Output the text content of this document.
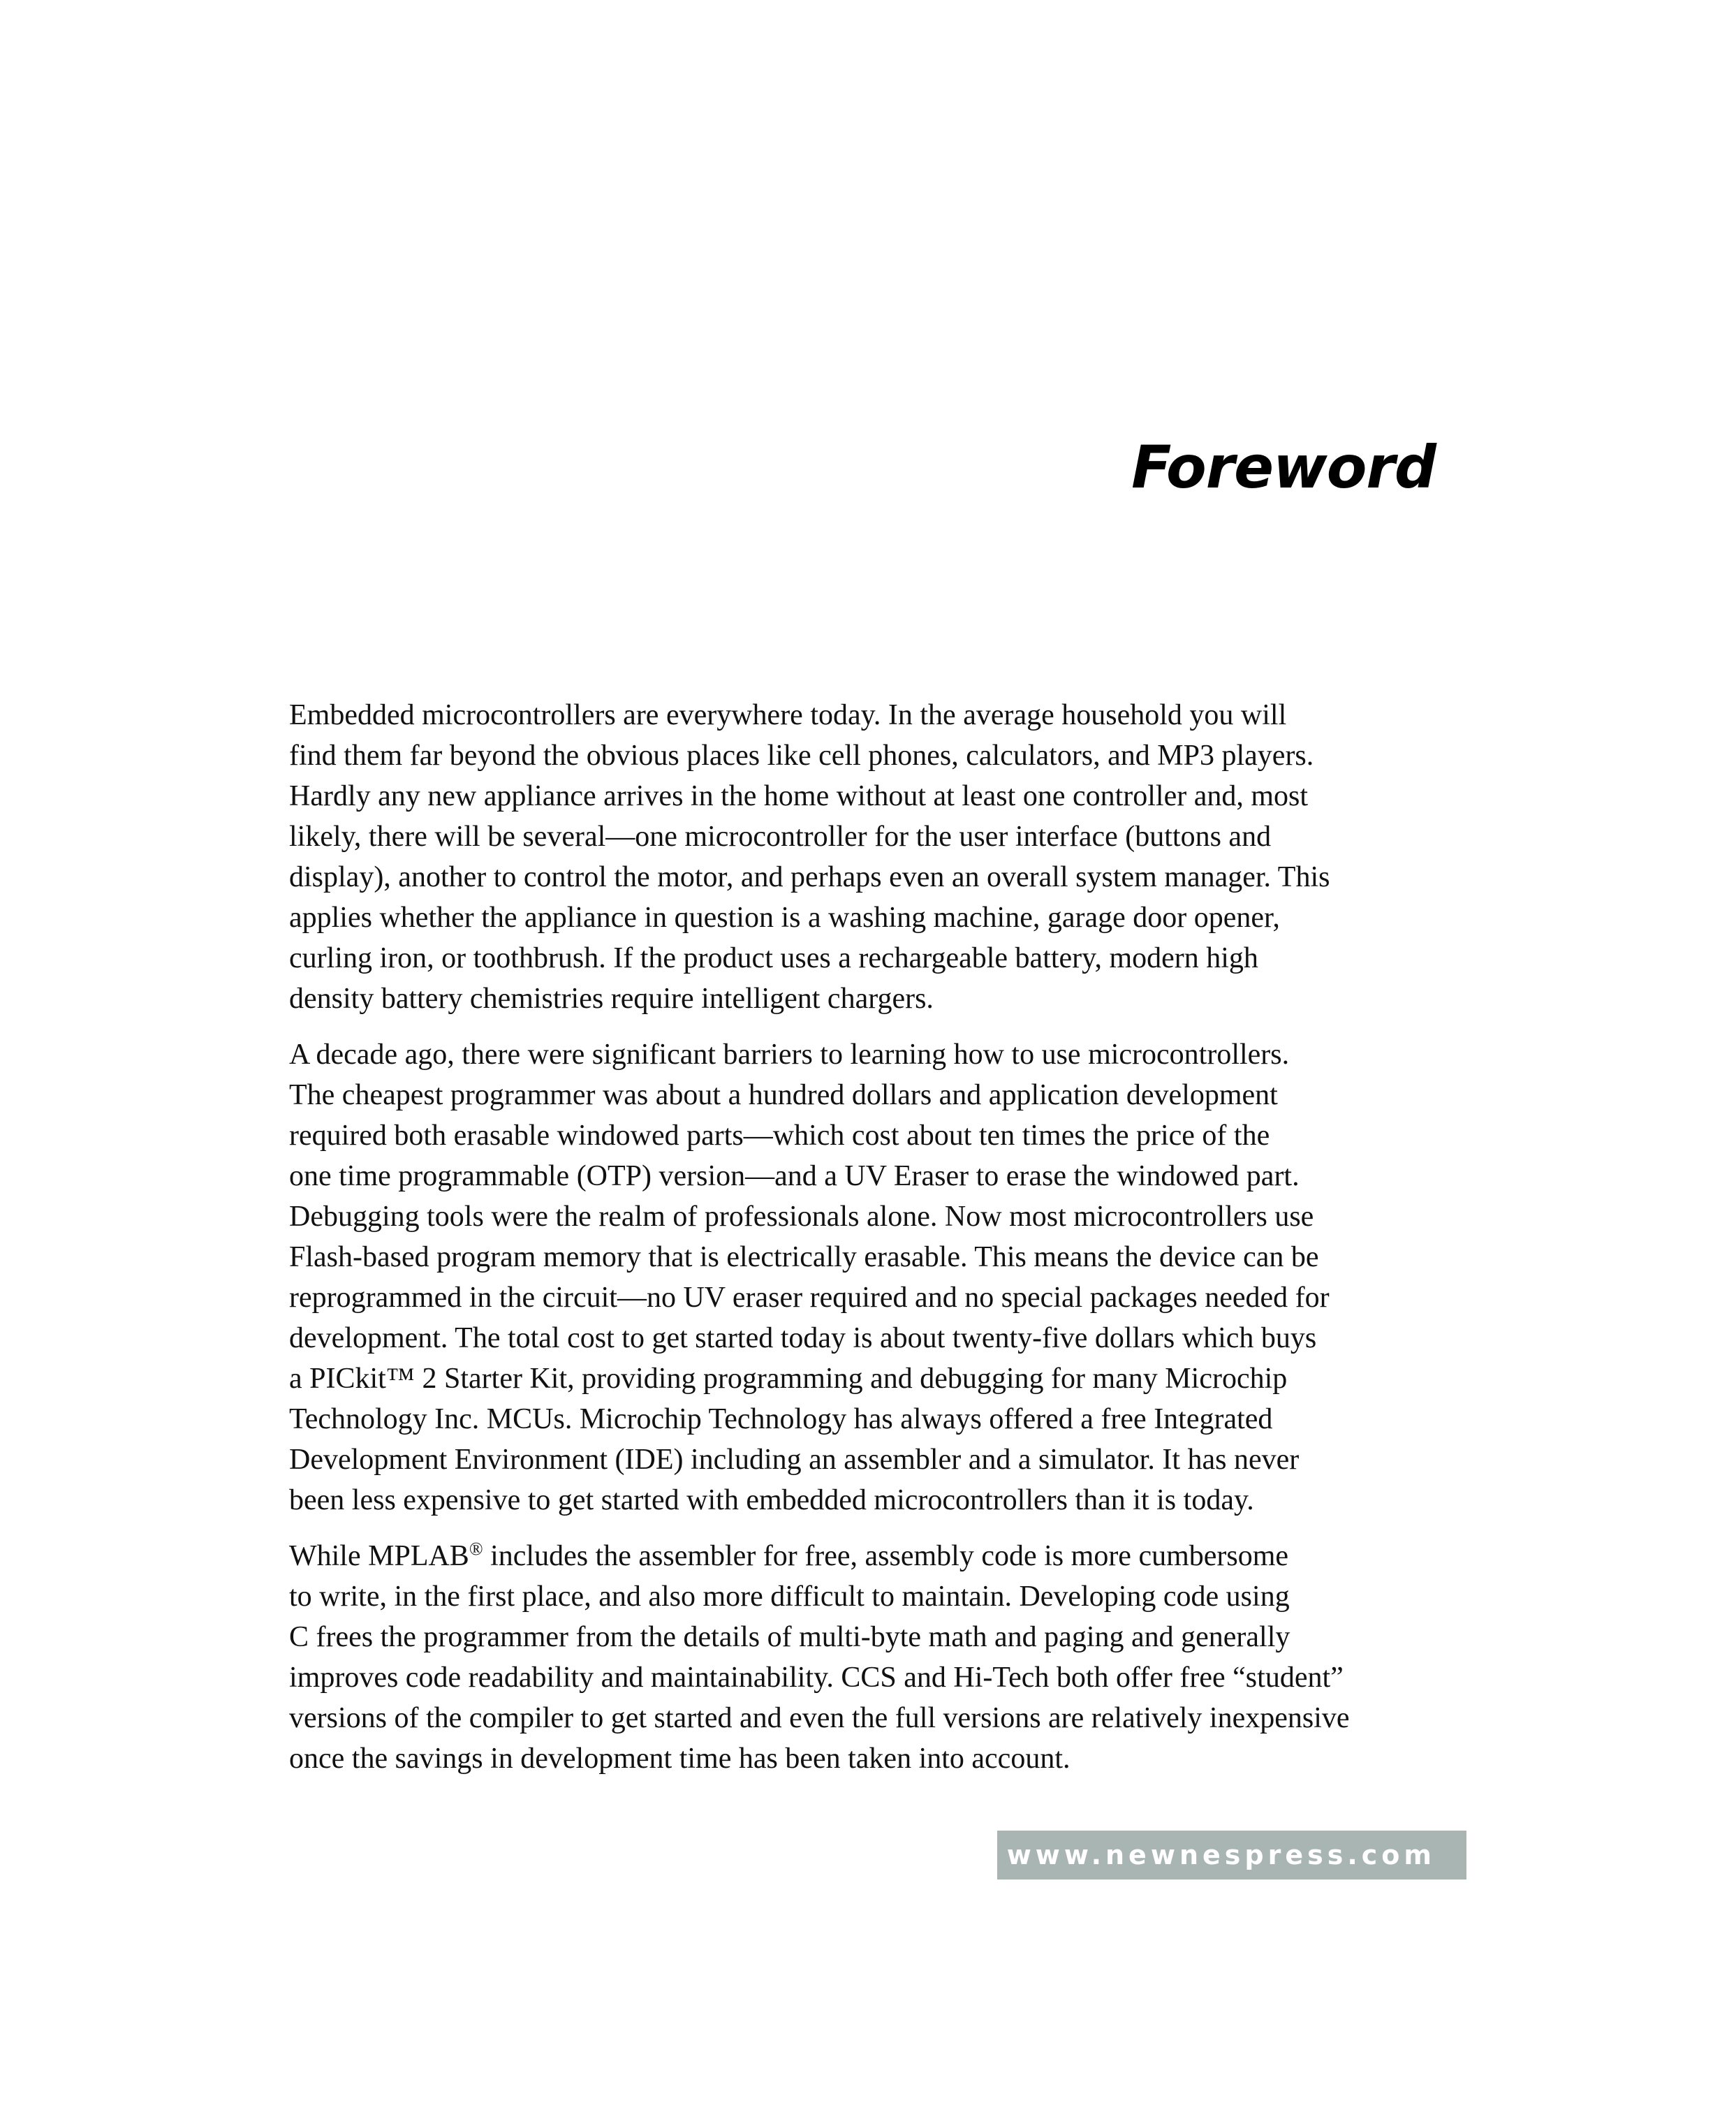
Foreword

Embedded microcontrollers are everywhere today. In the average household you will
find them far beyond the obvious places like cell phones, calculators, and MP3 players.
Hardly any new appliance arrives in the home without at least one controller and, most
likely, there will be several—one microcontroller for the user interface (buttons and
display), another to control the motor, and perhaps even an overall system manager. This
applies whether the appliance in question is a washing machine, garage door opener,
curling iron, or toothbrush. If the product uses a rechargeable battery, modern high
density battery chemistries require intelligent chargers.

A decade ago, there were significant barriers to learning how to use microcontrollers.
The cheapest programmer was about a hundred dollars and application development
required both erasable windowed parts—which cost about ten times the price of the
one time programmable (OTP) version—and a UV Eraser to erase the windowed part.
Debugging tools were the realm of professionals alone. Now most microcontrollers use
Flash-based program memory that is electrically erasable. This means the device can be
reprogrammed in the circuit—no UV eraser required and no special packages needed for
development. The total cost to get started today is about twenty-five dollars which buys
a PICkit™ 2 Starter Kit, providing programming and debugging for many Microchip
Technology Inc. MCUs. Microchip Technology has always offered a free Integrated
Development Environment (IDE) including an assembler and a simulator. It has never
been less expensive to get started with embedded microcontrollers than it is today.

While MPLAB® includes the assembler for free, assembly code is more cumbersome
to write, in the first place, and also more difficult to maintain. Developing code using
C frees the programmer from the details of multi-byte math and paging and generally
improves code readability and maintainability. CCS and Hi-Tech both offer free “student”
versions of the compiler to get started and even the full versions are relatively inexpensive
once the savings in development time has been taken into account.

www.newnespress.com
